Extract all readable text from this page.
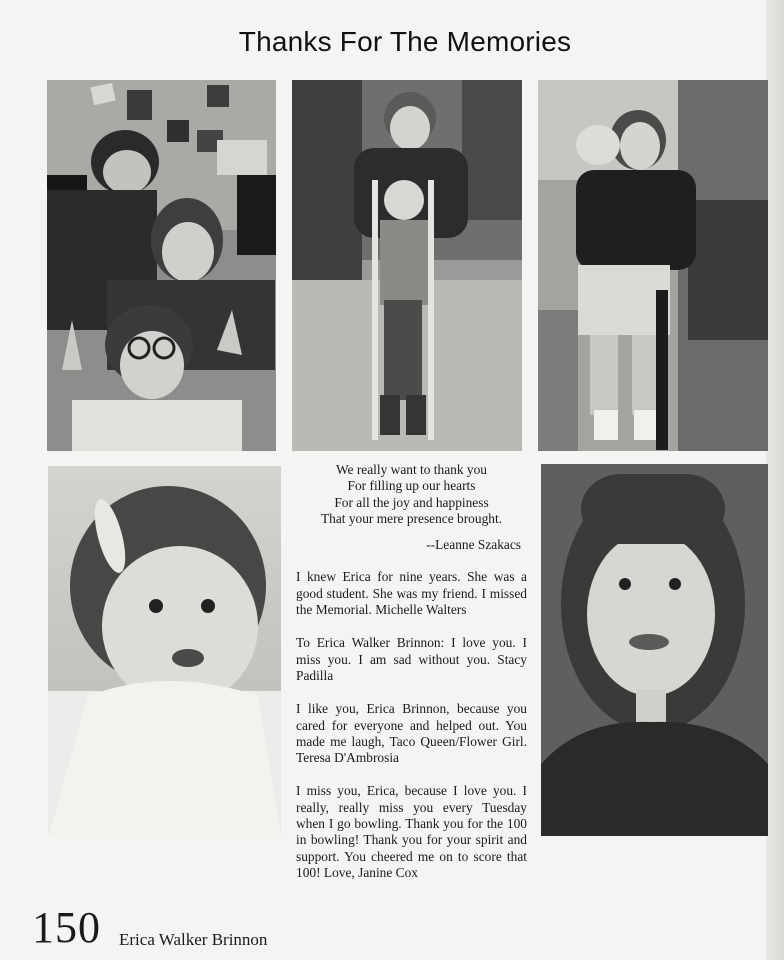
Thanks For The Memories
We really want to thank you
For filling up our hearts
For all the joy and happiness
That your mere presence brought.
--Leanne Szakacs

I knew Erica for nine years. She was a good student. She was my friend. I missed the Memorial. Michelle Walters

To Erica Walker Brinnon: I love you. I miss you. I am sad without you. Stacy Padilla

I like you, Erica Brinnon, because you cared for everyone and helped out. You made me laugh, Taco Queen/Flower Girl. Teresa D'Ambrosia

I miss you, Erica, because I love you. I really, really miss you every Tuesday when I go bowling. Thank you for the 100 in bowling! Thank you for your spirit and support. You cheered me on to score that 100! Love, Janine Cox

150 Erica Walker Brinnon
